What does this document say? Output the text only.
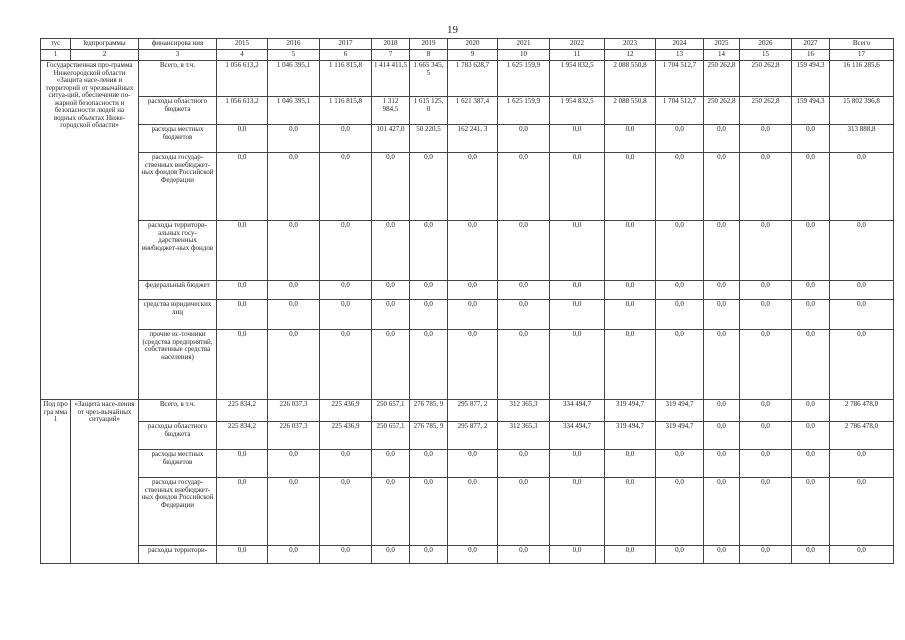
19
тус	lедпрограммы	финансирова ния	2015	2016	2017	2018	2019	2020	2021	2022	2023	2024	2025	2026	2027	Всего
1	2	3	4	5	6	7	8	9	10	11	12	13	14	15	16	17
Государственная про-грамма Нижегородской области «Защита насе-ления и территорий от чрезвычайных ситуа-ций, обеспечение по-жарной безопасности и безопасности людей на водных объектах Ниже-городской области»		Всего, в т.ч.	1 056 613,2	1 046 395,1	1 116 815,8	1 414 411,5	1 665 345, 5	1 783 628,7	1 625 159,9	1 954 832,5	2 088 550,8	1 704 512,7	250 262,8	250 262,8	159 494,3	16 116 285,6
		расходы областного бюджета	1 056 613,2	1 046 395,1	1 116 815,8	1 312 984,5	1 615 125, 0	1 621 387,4	1 625 159,9	1 954 832,5	2 088 550,8	1 704 512,7	250 262,8	250 262,8	159 494,3	15 802 396,8
		расходы местных бюджетов	0,0	0,0	0,0	101 427,0	50 220,5	162 241, 3	0,0	0,0	0,0	0,0	0,0	0,0	0,0	313 888,8
		расходы государ-ственных внебюджет-ных фондов Российской Федерации	0,0	0,0	0,0	0,0	0,0	0,0	0,0	0,0	0,0	0,0	0,0	0,0	0,0	0,0
		расходы территори-альных госу-дарственных внебюджет-ных фондов	0,0	0,0	0,0	0,0	0,0	0,0	0,0	0,0	0,0	0,0	0,0	0,0	0,0	0,0
		федеральный бюджет	0,0	0,0	0,0	0,0	0,0	0,0	0,0	0,0	0,0	0,0	0,0	0,0	0,0	0,0
		средства юридических лиц	0,0	0,0	0,0	0,0	0,0	0,0	0,0	0,0	0,0	0,0	0,0	0,0	0,0	0,0
		прочие ис-точники (средства предприятий, собственные средства населения)	0,0	0,0	0,0	0,0	0,0	0,0	0,0	0,0	0,0	0,0	0,0	0,0	0,0	0,0
Под про гра мма 1	«Защита насе-ления от чрез-вычайных ситуаций»	Всего, в т.ч.	225 834,2	226 037,3	225 436,9	250 657,1	276 785, 9	295 877, 2	312 365,3	334 494,7	319 494,7	319 494,7	0,0	0,0	0,0	2 786 478,0
		расходы областного бюджета	225 834,2	226 037,3	225 436,9	250 657,1	276 785, 9	295 877, 2	312 365,3	334 494,7	319 494,7	319 494,7	0,0	0,0	0,0	2 786 478,0
		расходы местных бюджетов	0,0	0,0	0,0	0,0	0,0	0,0	0,0	0,0	0,0	0,0	0,0	0,0	0,0	0,0
		расходы государ-ственных внебюджет-ных фондов Российской Федерации	0,0	0,0	0,0	0,0	0,0	0,0	0,0	0,0	0,0	0,0	0,0	0,0	0,0	0,0
		расходы территори-	0,0	0,0	0,0	0,0	0,0	0,0	0,0	0,0	0,0	0,0	0,0	0,0	0,0	0,0
